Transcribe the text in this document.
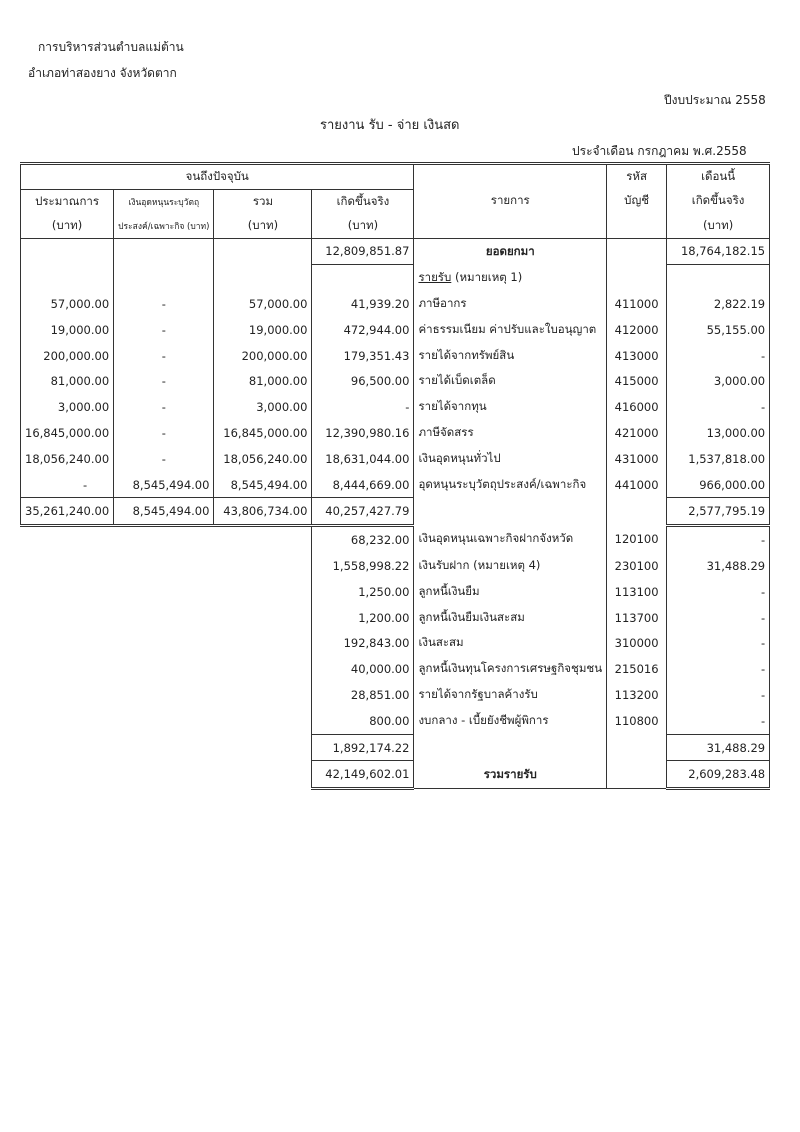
การบริหารส่วนตำบลแม่ต้าน
อำเภอท่าสองยาง จังหวัดตาก
ปีงบประมาณ 2558
รายงาน รับ - จ่าย เงินสด
ประจำเดือน กรกฎาคม พ.ศ.2558
จนถึงปัจจุบัน				รายการ	รหัส	เดือนนี้
ประมาณการ	เงินอุดหนุนระบุวัตถุ	รวม	เกิดขึ้นจริง		บัญชี	เกิดขึ้นจริง
(บาท)	ประสงค์/เฉพาะกิจ (บาท)	(บาท)	(บาท)			(บาท)
			12,809,851.87	ยอดยกมา		18,764,182.15
				รายรับ (หมายเหตุ 1)		
57,000.00	-	57,000.00	41,939.20	ภาษีอากร	411000	2,822.19
19,000.00	-	19,000.00	472,944.00	ค่าธรรมเนียม ค่าปรับและใบอนุญาต	412000	55,155.00
200,000.00	-	200,000.00	179,351.43	รายได้จากทรัพย์สิน	413000	-
81,000.00	-	81,000.00	96,500.00	รายได้เบ็ดเตล็ด	415000	3,000.00
3,000.00	-	3,000.00	-	รายได้จากทุน	416000	-
16,845,000.00	-	16,845,000.00	12,390,980.16	ภาษีจัดสรร	421000	13,000.00
18,056,240.00	-	18,056,240.00	18,631,044.00	เงินอุดหนุนทั่วไป	431000	1,537,818.00
-	8,545,494.00	8,545,494.00	8,444,669.00	อุดหนุนระบุวัตถุประสงค์/เฉพาะกิจ	441000	966,000.00
35,261,240.00	8,545,494.00	43,806,734.00	40,257,427.79			2,577,795.19
			68,232.00	เงินอุดหนุนเฉพาะกิจฝากจังหวัด	120100	-
			1,558,998.22	เงินรับฝาก (หมายเหตุ 4)	230100	31,488.29
			1,250.00	ลูกหนี้เงินยืม	113100	-
			1,200.00	ลูกหนี้เงินยืมเงินสะสม	113700	-
			192,843.00	เงินสะสม	310000	-
			40,000.00	ลูกหนี้เงินทุนโครงการเศรษฐกิจชุมชน	215016	-
			28,851.00	รายได้จากรัฐบาลค้างรับ	113200	-
			800.00	งบกลาง - เบี้ยยังชีพผู้พิการ	110800	-
			1,892,174.22			31,488.29
			42,149,602.01	รวมรายรับ		2,609,283.48
